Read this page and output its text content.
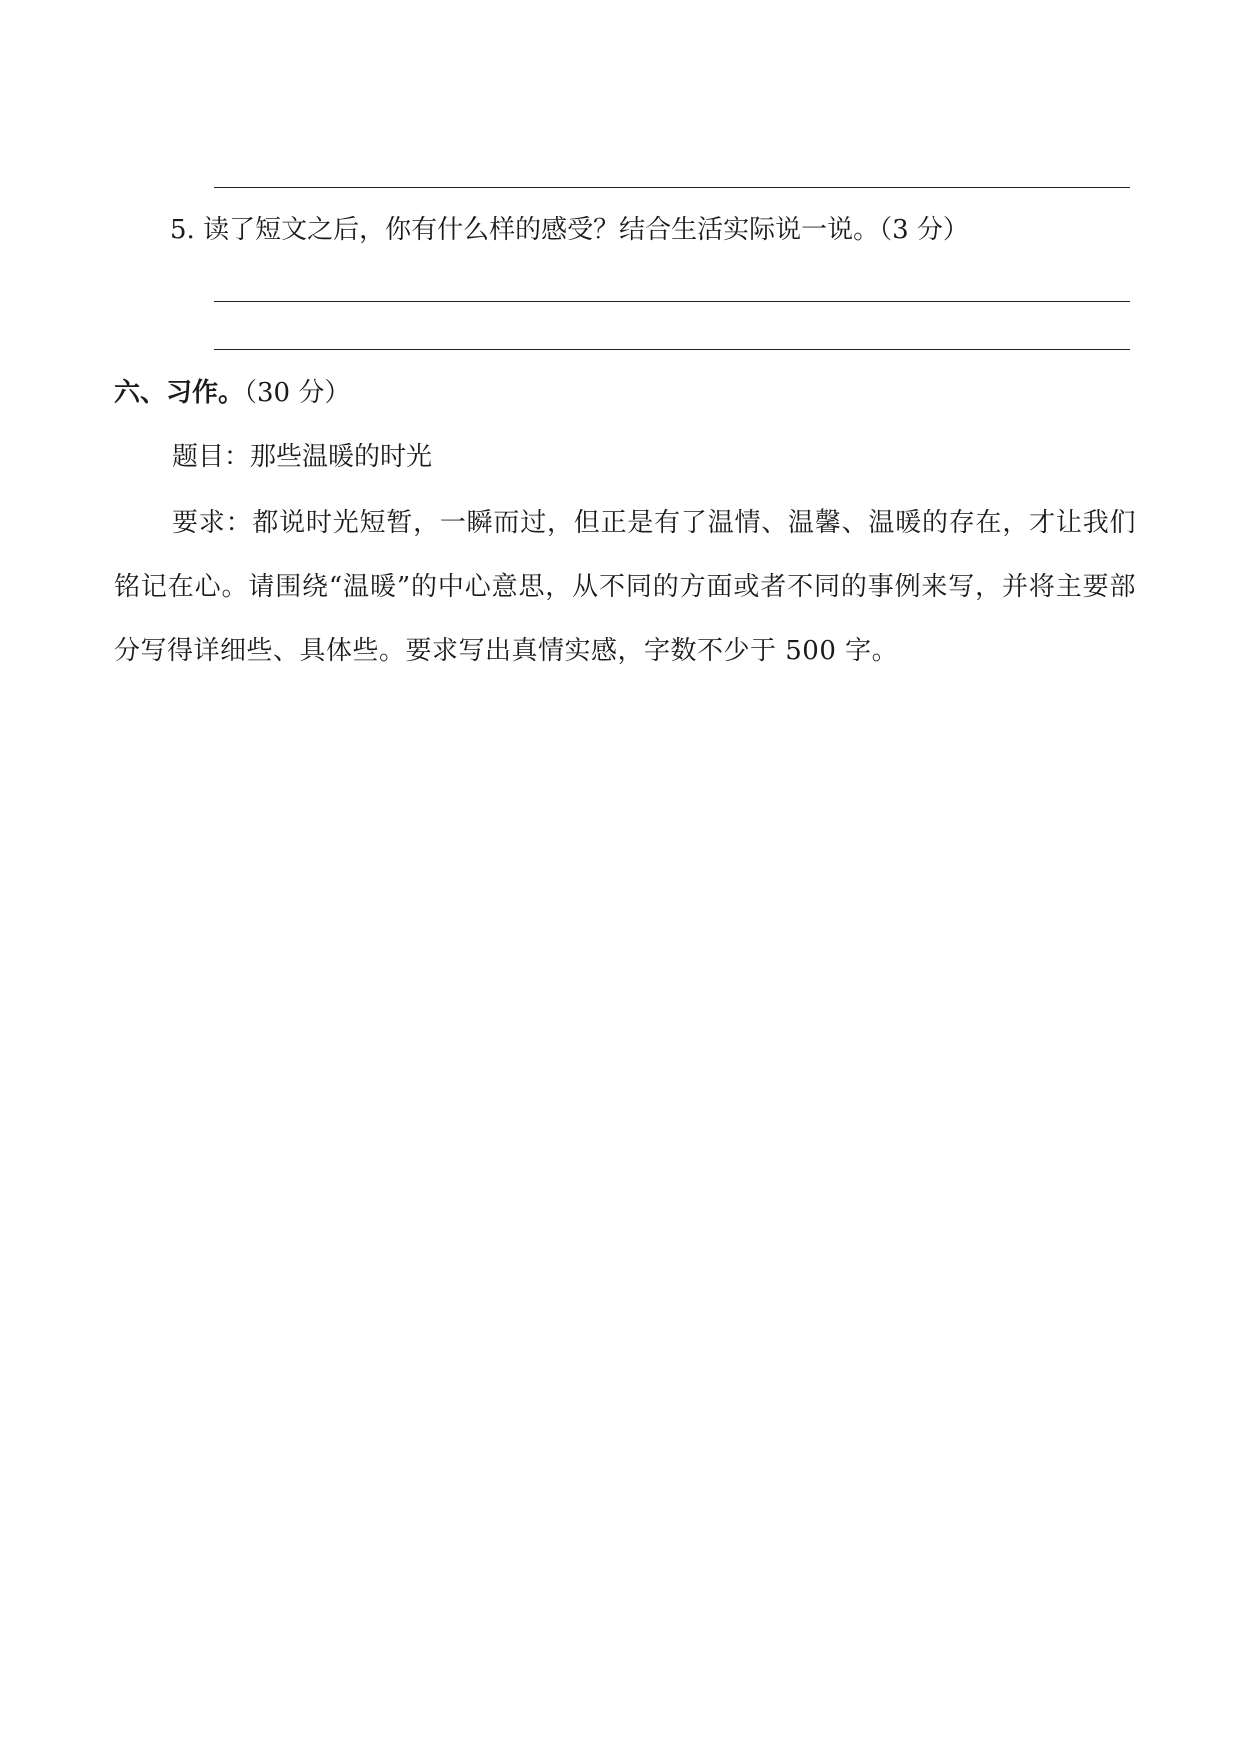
5. 读了短文之后，你有什么样的感受？结合生活实际说一说。（3 分）
六、习作。（30 分）
题目：那些温暖的时光
要求：都说时光短暂，一瞬而过，但正是有了温情、温馨、温暖的存在，才让我们铭记在心。请围绕“温暖”的中心意思，从不同的方面或者不同的事例来写，并将主要部分写得详细些、具体些。要求写出真情实感，字数不少于 500 字。
